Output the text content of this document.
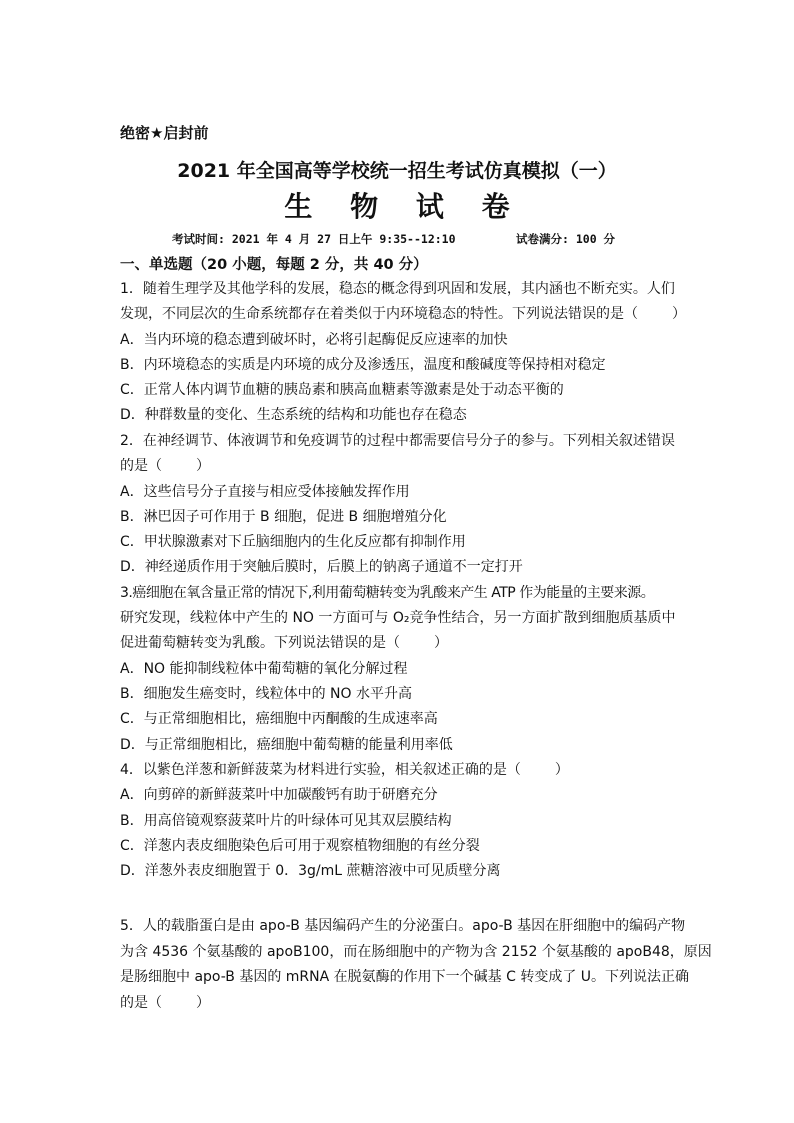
绝密★启封前
2021 年全国高等学校统一招生考试仿真模拟（一）
生 物 试 卷
考试时间: 2021 年 4 月 27 日上午 9:35--12:10	试卷满分: 100 分
一、单选题（20 小题，每题 2 分，共 40 分）
1．随着生理学及其他学科的发展，稳态的概念得到巩固和发展，其内涵也不断充实。人们
发现，不同层次的生命系统都存在着类似于内环境稳态的特性。下列说法错误的是（ ）
A．当内环境的稳态遭到破坏时，必将引起酶促反应速率的加快
B．内环境稳态的实质是内环境的成分及渗透压，温度和酸碱度等保持相对稳定
C．正常人体内调节血糖的胰岛素和胰高血糖素等激素是处于动态平衡的
D．种群数量的变化、生态系统的结构和功能也存在稳态
2．在神经调节、体液调节和免疫调节的过程中都需要信号分子的参与。下列相关叙述错误
的是（ ）
A．这些信号分子直接与相应受体接触发挥作用
B．淋巴因子可作用于 B 细胞，促进 B 细胞增殖分化
C．甲状腺激素对下丘脑细胞内的生化反应都有抑制作用
D．神经递质作用于突触后膜时，后膜上的钠离子通道不一定打开
3.癌细胞在氧含量正常的情况下,利用葡萄糖转变为乳酸来产生 ATP 作为能量的主要来源。
研究发现，线粒体中产生的 NO 一方面可与 O₂竞争性结合，另一方面扩散到细胞质基质中
促进葡萄糖转变为乳酸。下列说法错误的是（ ）
A．NO 能抑制线粒体中葡萄糖的氧化分解过程
B．细胞发生癌变时，线粒体中的 NO 水平升高
C．与正常细胞相比，癌细胞中丙酮酸的生成速率高
D．与正常细胞相比，癌细胞中葡萄糖的能量利用率低
4．以紫色洋葱和新鲜菠菜为材料进行实验，相关叙述正确的是（ ）
A．向剪碎的新鲜菠菜叶中加碳酸钙有助于研磨充分
B．用高倍镜观察菠菜叶片的叶绿体可见其双层膜结构
C．洋葱内表皮细胞染色后可用于观察植物细胞的有丝分裂
D．洋葱外表皮细胞置于 0．3g/mL 蔗糖溶液中可见质壁分离
5．人的载脂蛋白是由 apo-B 基因编码产生的分泌蛋白。apo-B 基因在肝细胞中的编码产物
为含 4536 个氨基酸的 apoB100，而在肠细胞中的产物为含 2152 个氨基酸的 apoB48，原因
是肠细胞中 apo-B 基因的 mRNA 在脱氨酶的作用下一个碱基 C 转变成了 U。下列说法正确
的是（ ）
